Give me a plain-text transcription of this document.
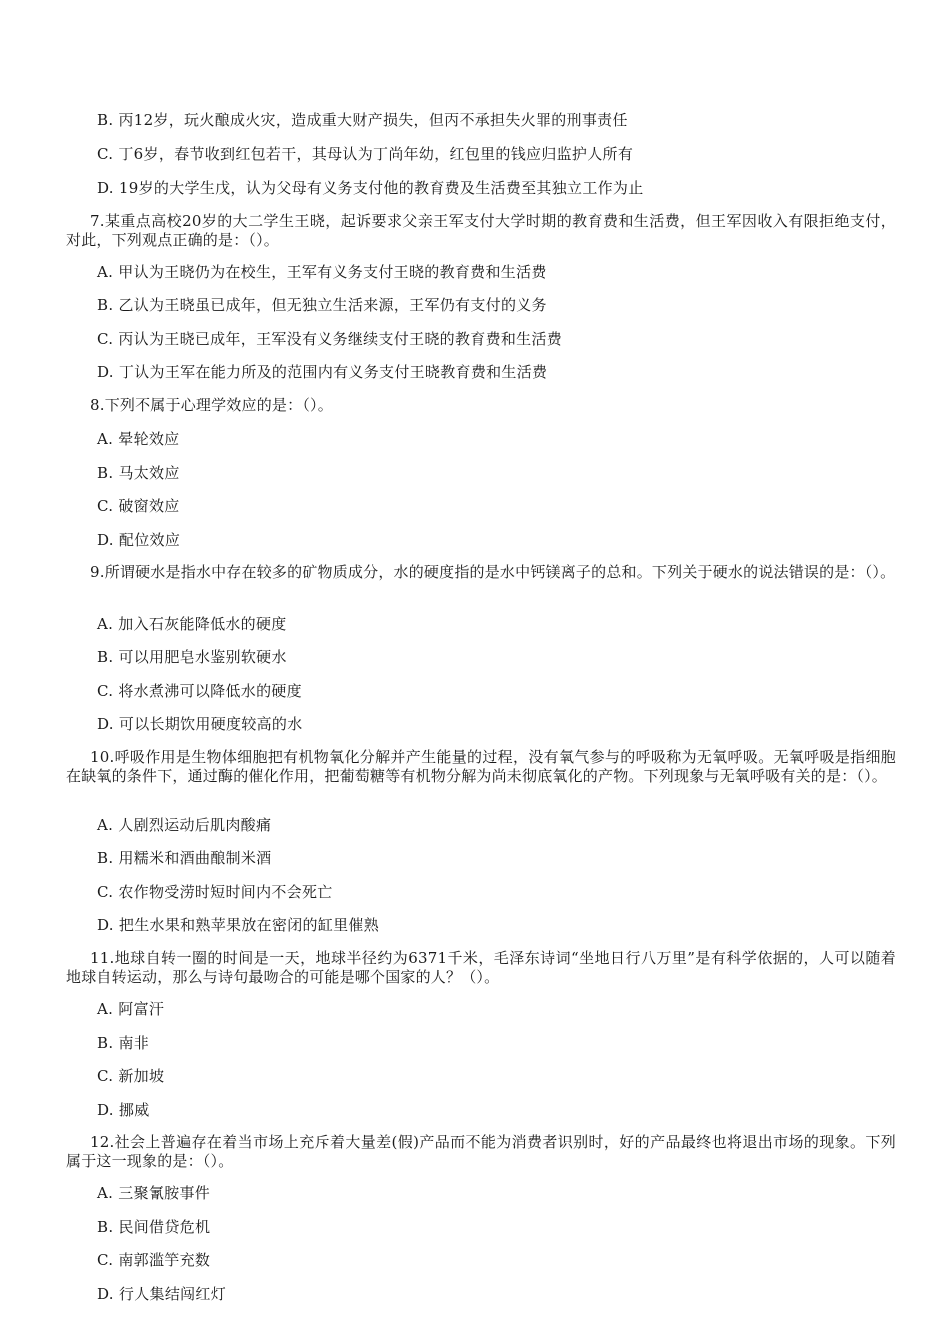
B. 丙12岁，玩火酿成火灾，造成重大财产损失，但丙不承担失火罪的刑事责任
C. 丁6岁，春节收到红包若干，其母认为丁尚年幼，红包里的钱应归监护人所有
D. 19岁的大学生戊，认为父母有义务支付他的教育费及生活费至其独立工作为止
7.某重点高校20岁的大二学生王晓，起诉要求父亲王军支付大学时期的教育费和生活费，但王军因收入有限拒绝支付，对此，下列观点正确的是：（）。
A. 甲认为王晓仍为在校生，王军有义务支付王晓的教育费和生活费
B. 乙认为王晓虽已成年，但无独立生活来源，王军仍有支付的义务
C. 丙认为王晓已成年，王军没有义务继续支付王晓的教育费和生活费
D. 丁认为王军在能力所及的范围内有义务支付王晓教育费和生活费
8.下列不属于心理学效应的是：（）。
A. 晕轮效应
B. 马太效应
C. 破窗效应
D. 配位效应
9.所谓硬水是指水中存在较多的矿物质成分，水的硬度指的是水中钙镁离子的总和。下列关于硬水的说法错误的是：（）。
A. 加入石灰能降低水的硬度
B. 可以用肥皂水鉴别软硬水
C. 将水煮沸可以降低水的硬度
D. 可以长期饮用硬度较高的水
10.呼吸作用是生物体细胞把有机物氧化分解并产生能量的过程，没有氧气参与的呼吸称为无氧呼吸。无氧呼吸是指细胞在缺氧的条件下，通过酶的催化作用，把葡萄糖等有机物分解为尚未彻底氧化的产物。下列现象与无氧呼吸有关的是：（）。
A. 人剧烈运动后肌肉酸痛
B. 用糯米和酒曲酿制米酒
C. 农作物受涝时短时间内不会死亡
D. 把生水果和熟苹果放在密闭的缸里催熟
11.地球自转一圈的时间是一天，地球半径约为6371千米，毛泽东诗词“坐地日行八万里”是有科学依据的，人可以随着地球自转运动，那么与诗句最吻合的可能是哪个国家的人？（）。
A. 阿富汗
B. 南非
C. 新加坡
D. 挪威
12.社会上普遍存在着当市场上充斥着大量差(假)产品而不能为消费者识别时，好的产品最终也将退出市场的现象。下列属于这一现象的是：（）。
A. 三聚氰胺事件
B. 民间借贷危机
C. 南郭滥竽充数
D. 行人集结闯红灯
